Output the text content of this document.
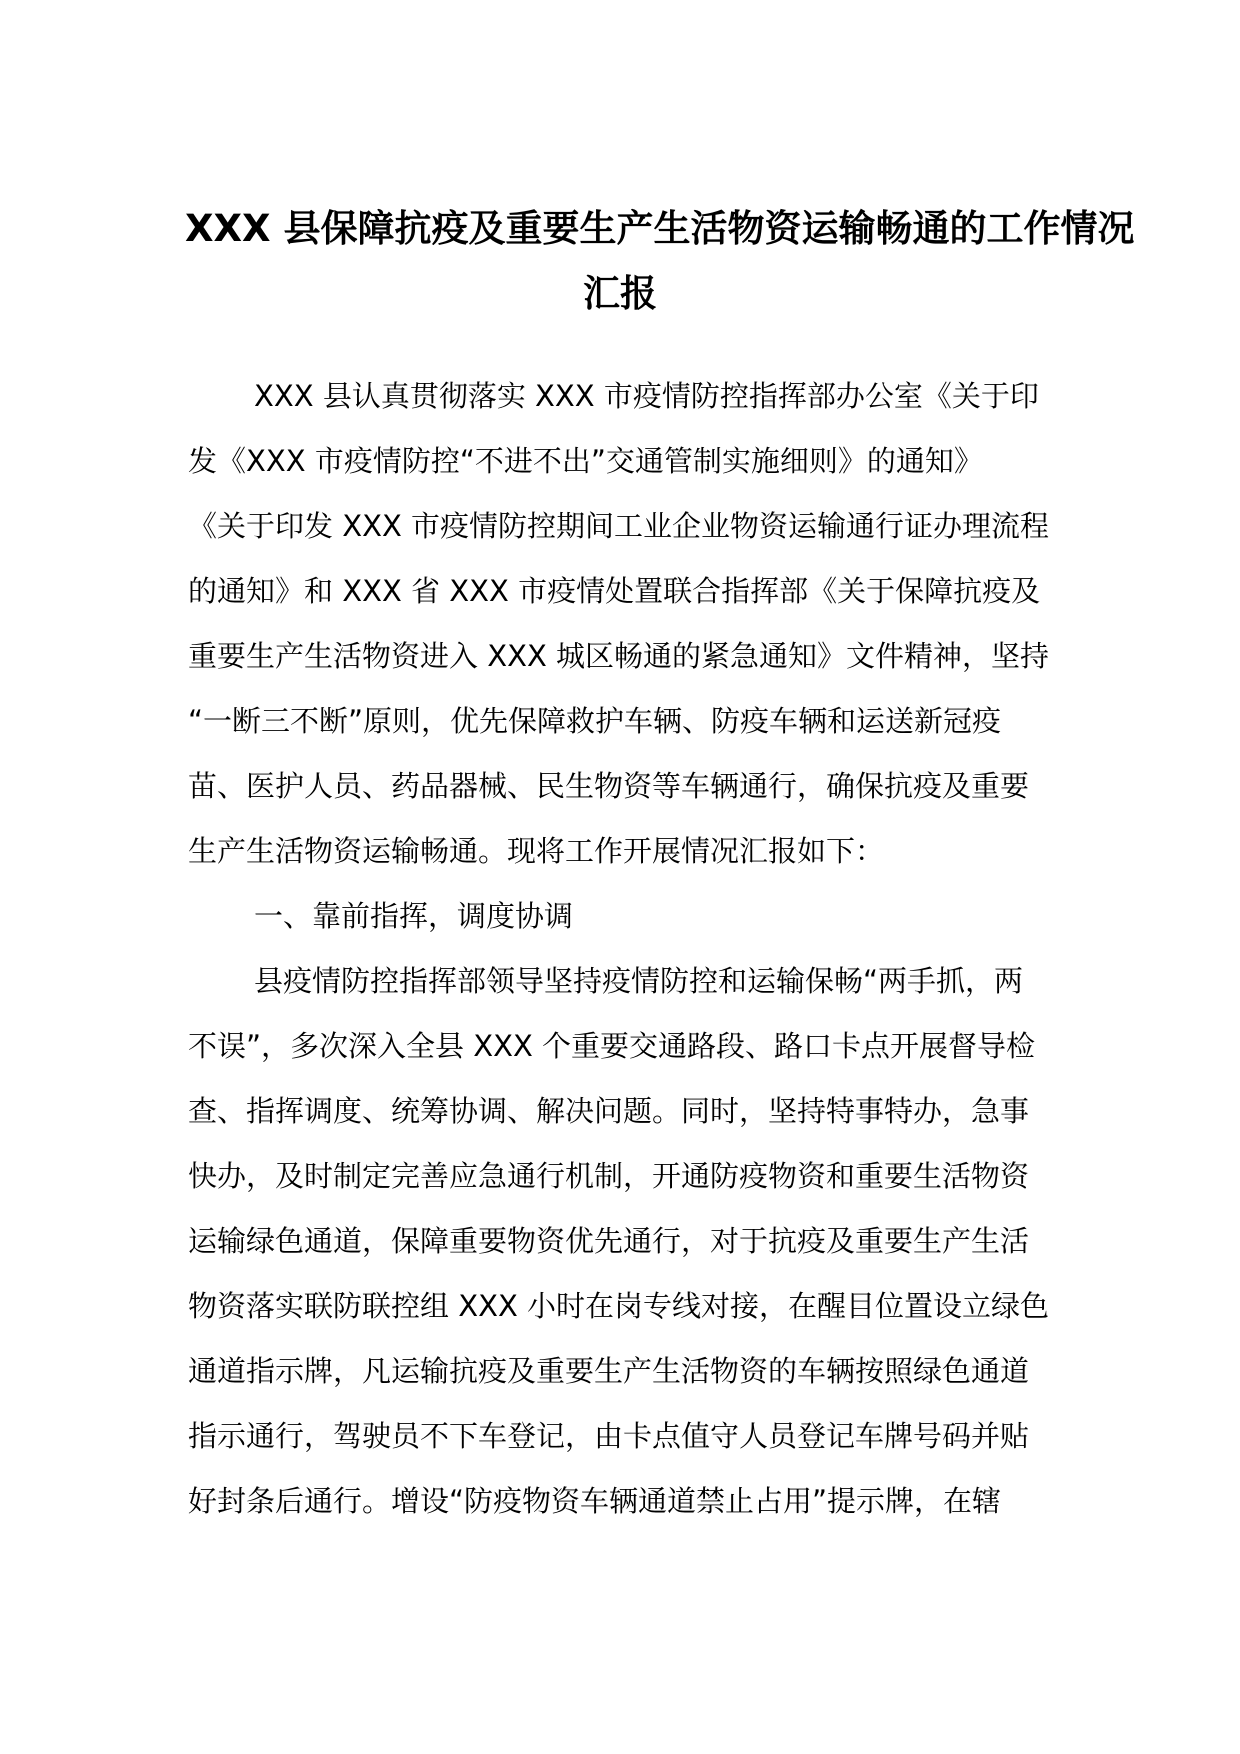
XXX 县保障抗疫及重要生产生活物资运输畅通的工作情况
汇报
XXX 县认真贯彻落实 XXX 市疫情防控指挥部办公室《关于印
发《XXX 市疫情防控“不进不出”交通管制实施细则》的通知》
《关于印发 XXX 市疫情防控期间工业企业物资运输通行证办理流程
的通知》和 XXX 省 XXX 市疫情处置联合指挥部《关于保障抗疫及
重要生产生活物资进入 XXX 城区畅通的紧急通知》文件精神，坚持
“一断三不断”原则，优先保障救护车辆、防疫车辆和运送新冠疫
苗、医护人员、药品器械、民生物资等车辆通行，确保抗疫及重要
生产生活物资运输畅通。现将工作开展情况汇报如下：
一、靠前指挥，调度协调
县疫情防控指挥部领导坚持疫情防控和运输保畅“两手抓，两
不误”，多次深入全县 XXX 个重要交通路段、路口卡点开展督导检
查、指挥调度、统筹协调、解决问题。同时，坚持特事特办，急事
快办，及时制定完善应急通行机制，开通防疫物资和重要生活物资
运输绿色通道，保障重要物资优先通行，对于抗疫及重要生产生活
物资落实联防联控组 XXX 小时在岗专线对接，在醒目位置设立绿色
通道指示牌，凡运输抗疫及重要生产生活物资的车辆按照绿色通道
指示通行，驾驶员不下车登记，由卡点值守人员登记车牌号码并贴
好封条后通行。增设“防疫物资车辆通道禁止占用”提示牌，在辖
